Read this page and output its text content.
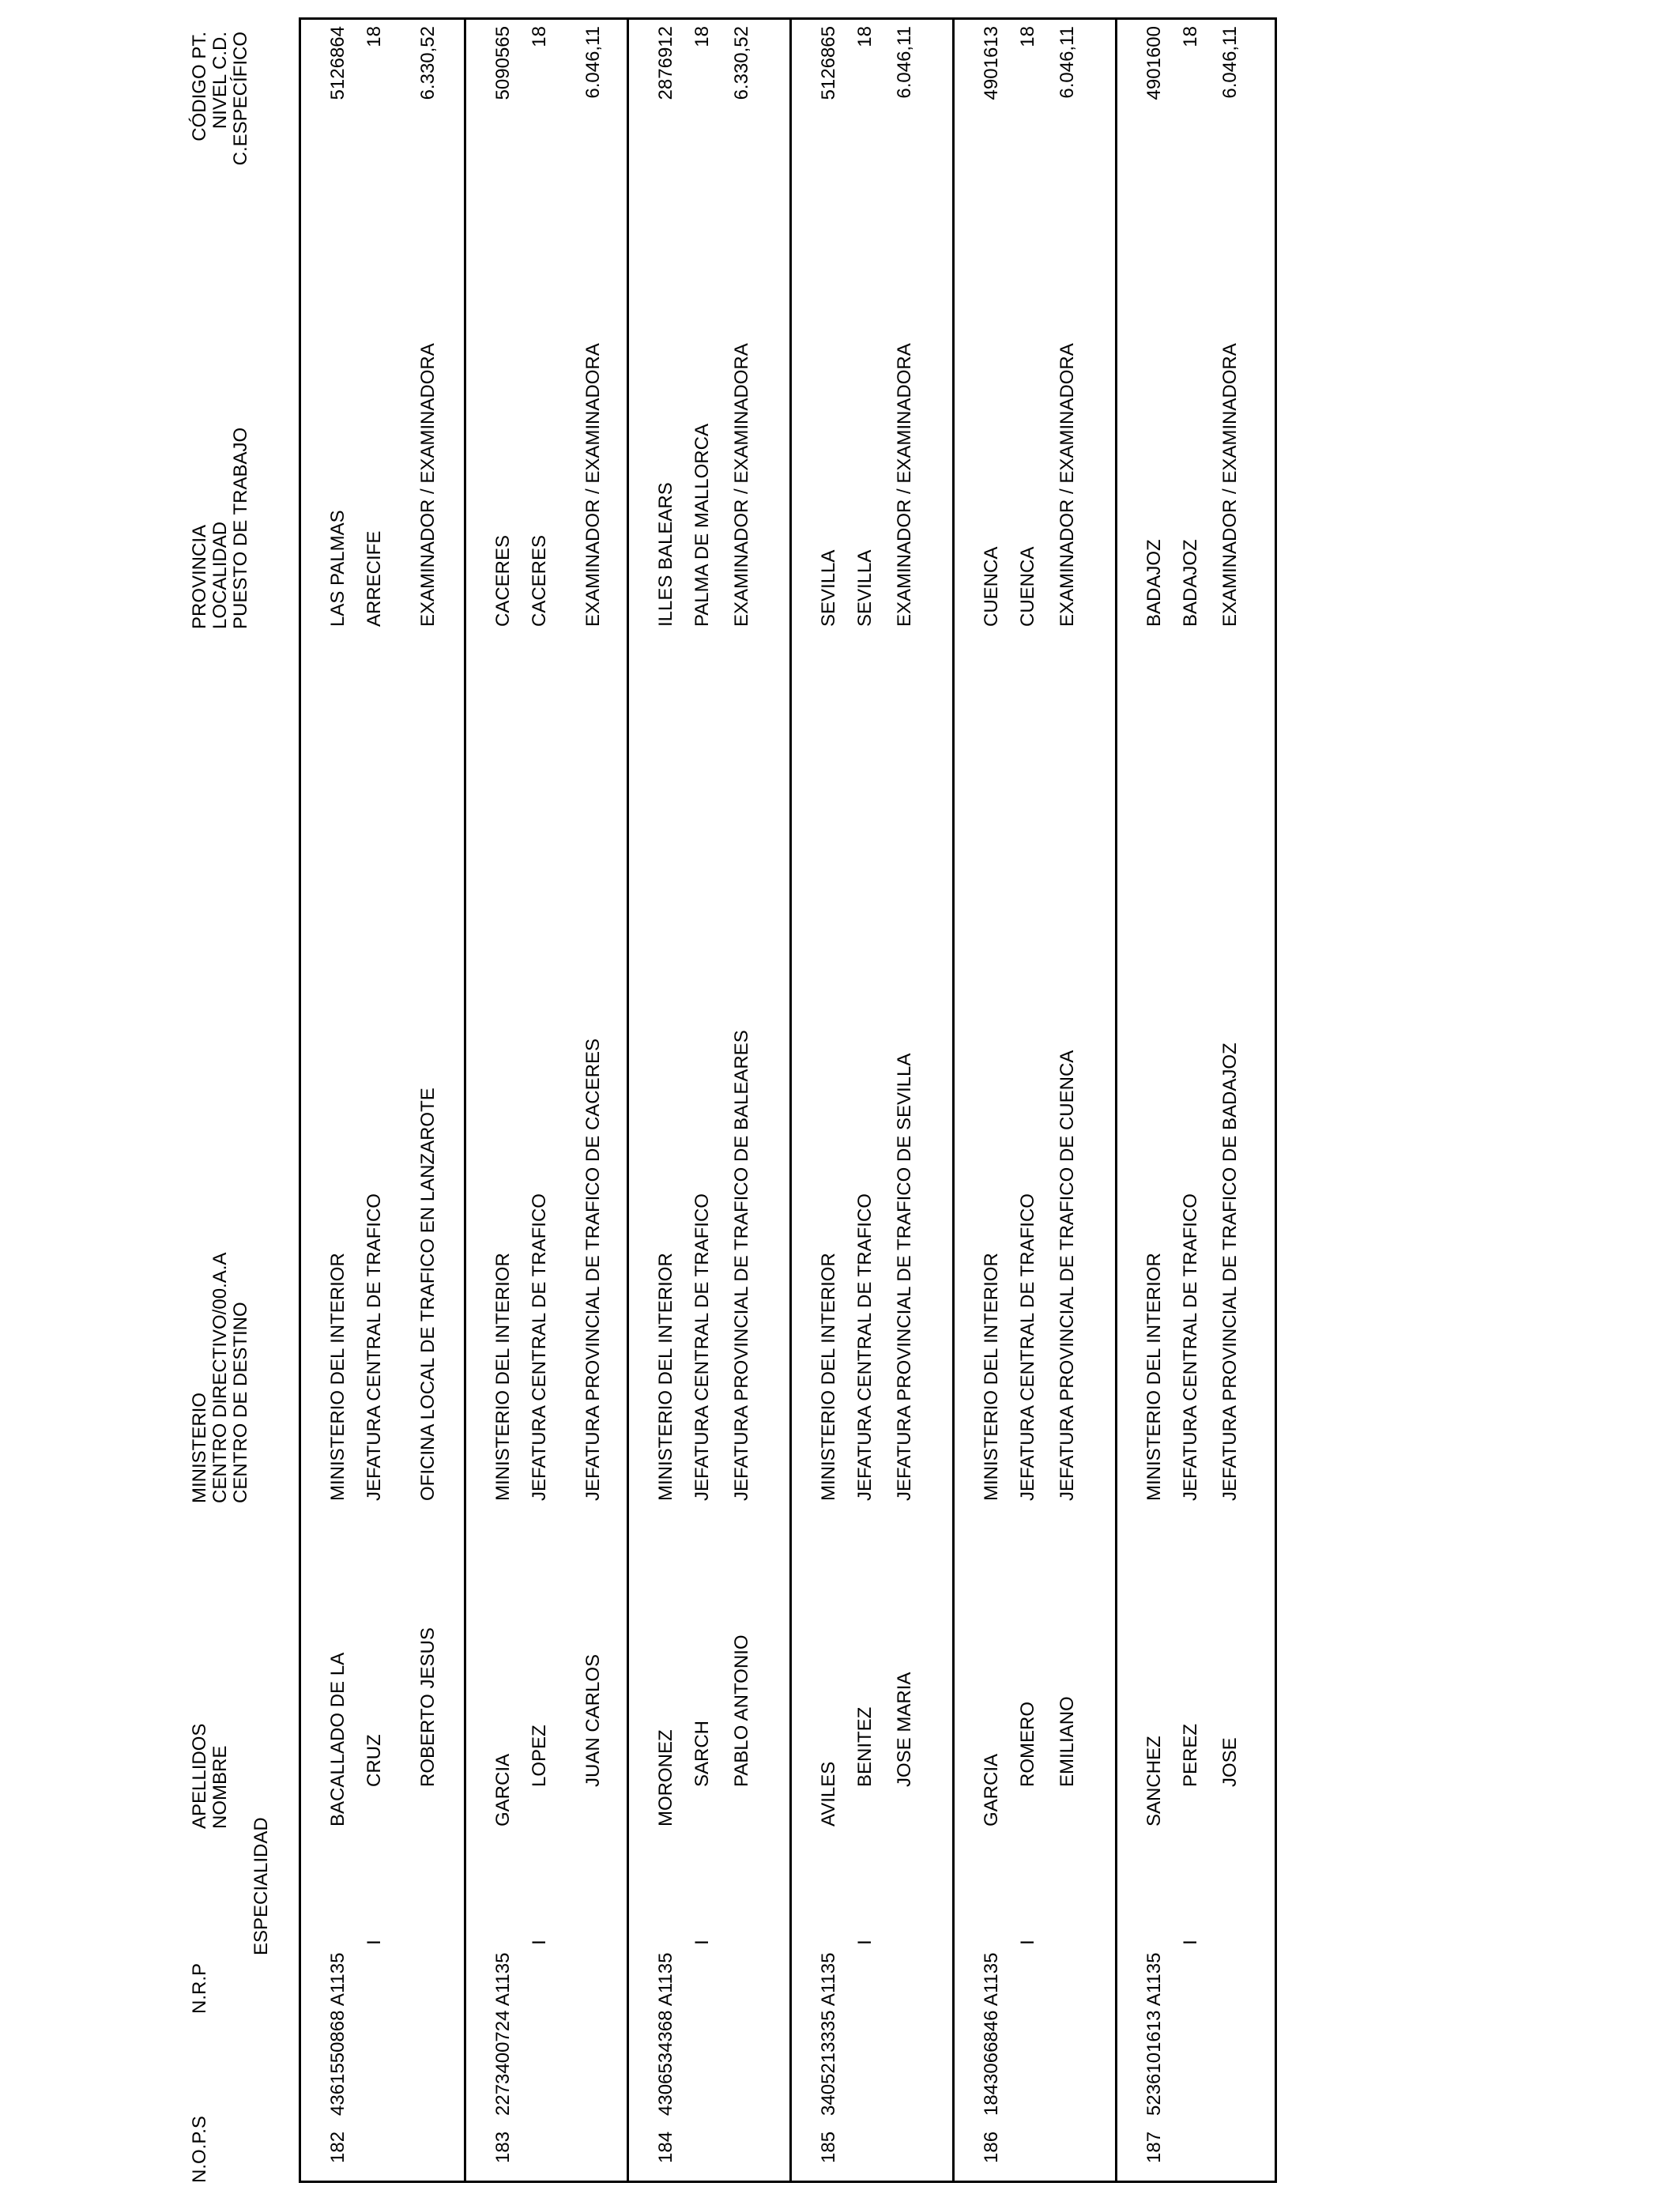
N.O.P.S
N.R.P
ESPECIALIDAD
APELLIDOS NOMBRE
MINISTERIO CENTRO DIRECTIVO/00.A.A CENTRO DE DESTINO
PROVINCIA LOCALIDAD PUESTO DE TRABAJO
CÓDIGO PT. NIVEL C.D. C.ESPECÍFICO
182
4361550868 A1135
I
BACALLADO DE LA CRUZ ROBERTO JESUS
MINISTERIO DEL INTERIOR JEFATURA CENTRAL DE TRAFICO OFICINA LOCAL DE TRAFICO EN LANZAROTE
LAS PALMAS ARRECIFE EXAMINADOR / EXAMINADORA
5126864 18 6.330,52
183
2273400724 A1135
I
GARCIA LOPEZ JUAN CARLOS
MINISTERIO DEL INTERIOR JEFATURA CENTRAL DE TRAFICO JEFATURA PROVINCIAL DE TRAFICO DE CACERES
CACERES CACERES EXAMINADOR / EXAMINADORA
5090565 18 6.046,11
184
4306534368 A1135
I
MORONEZ SARCH PABLO ANTONIO
MINISTERIO DEL INTERIOR JEFATURA CENTRAL DE TRAFICO JEFATURA PROVINCIAL DE TRAFICO DE BALEARES
ILLES BALEARS PALMA DE MALLORCA EXAMINADOR / EXAMINADORA
2876912 18 6.330,52
185
3405213335 A1135
I
AVILES
BENITEZ JOSE MARIA
MINISTERIO DEL INTERIOR JEFATURA CENTRAL DE TRAFICO JEFATURA PROVINCIAL DE TRAFICO DE SEVILLA
SEVILLA SEVILLA EXAMINADOR / EXAMINADORA
5126865 18 6.046,11
186
1843066846 A1135
I
GARCIA
ROMERO EMILIANO
MINISTERIO DEL INTERIOR JEFATURA CENTRAL DE TRAFICO JEFATURA PROVINCIAL DE TRAFICO DE CUENCA
CUENCA CUENCA EXAMINADOR / EXAMINADORA
4901613 18 6.046,11
187
5236101613 A1135
I
SANCHEZ PEREZ JOSE
MINISTERIO DEL INTERIOR JEFATURA CENTRAL DE TRAFICO JEFATURA PROVINCIAL DE TRAFICO DE BADAJOZ
BADAJOZ BADAJOZ EXAMINADOR / EXAMINADORA
4901600 18 6.046,11
